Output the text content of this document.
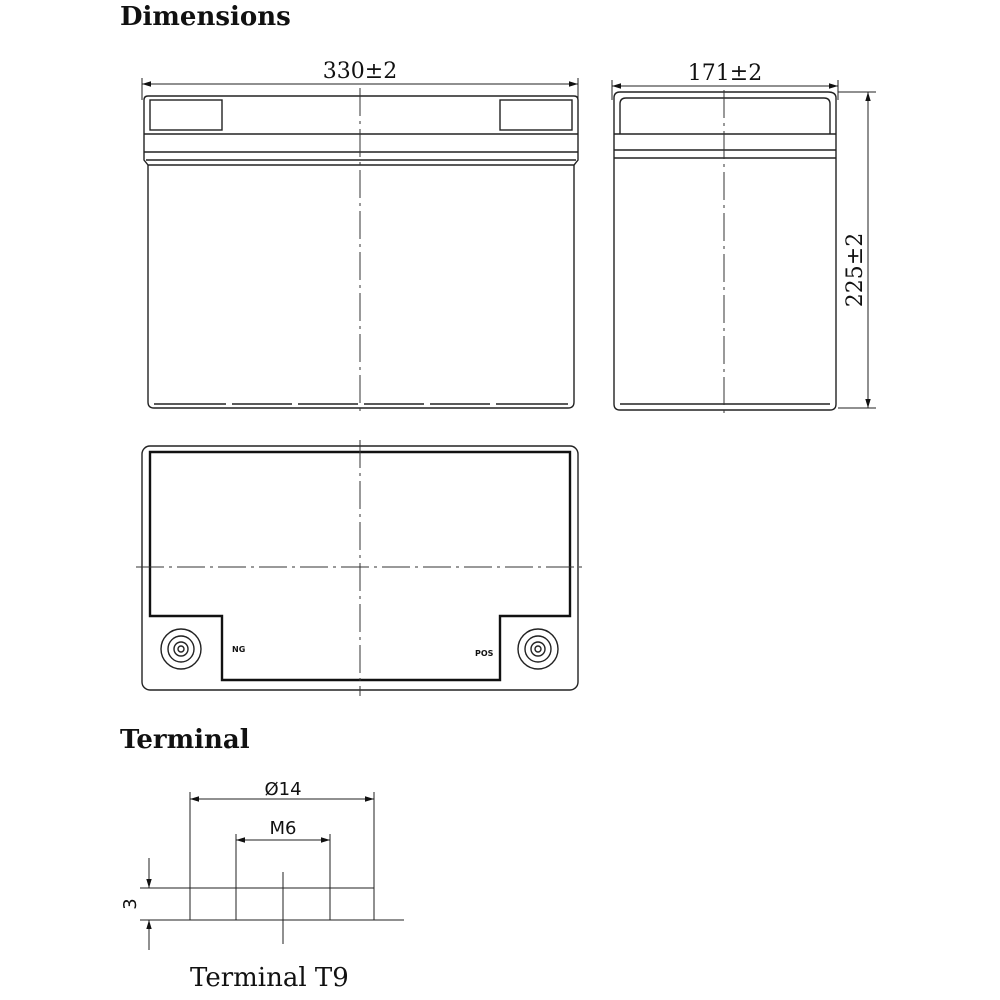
Dimensions
Terminal
330±2	171±2
225±2
NG	POS
Ø14
M6
3
Terminal T9
